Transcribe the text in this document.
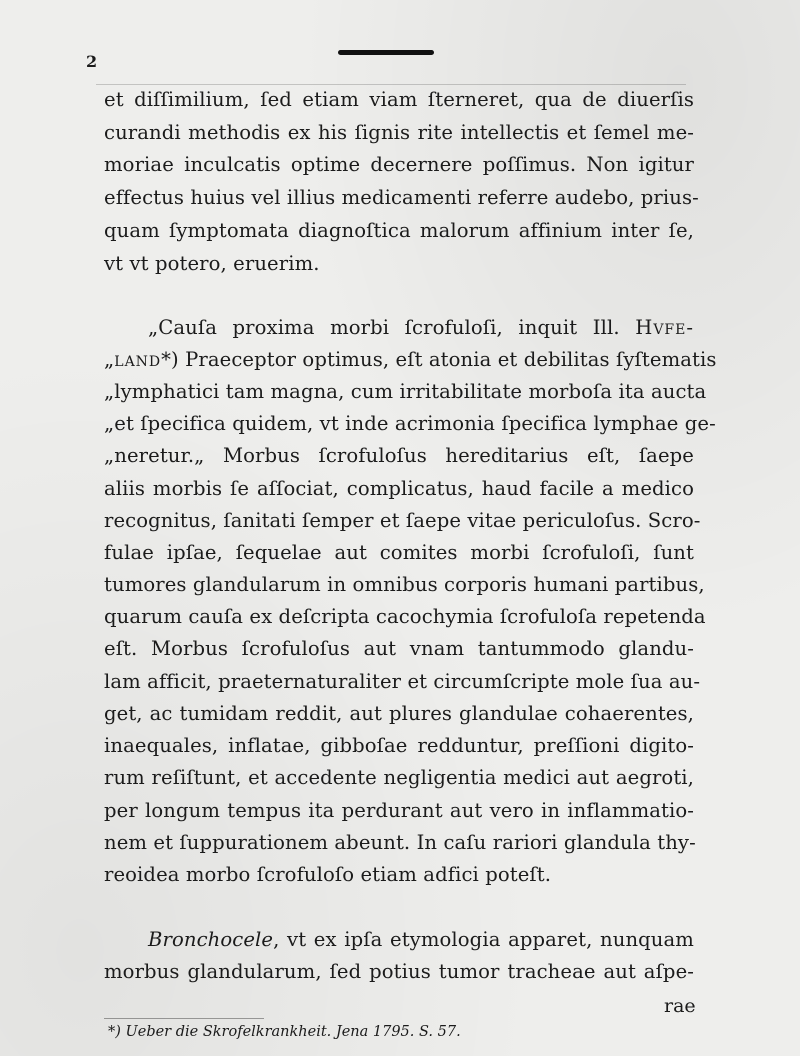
2
et diſſimilium, ſed etiam viam ſterneret, qua de diuerſis
curandi methodis ex his ſignis rite intellectis et ſemel me-
moriae inculcatis optime decernere poſſimus. Non igitur
effectus huius vel illius medicamenti referre audebo, prius-
quam ſymptomata diagnoſtica malorum affinium inter ſe,
vt vt potero, eruerim.
„Cauſa proxima morbi ſcrofuloſi, inquit Ill. Hvfe-
„land*) Praeceptor optimus, eſt atonia et debilitas ſyſtematis
„lymphatici tam magna, cum irritabilitate morboſa ita aucta
„et ſpecifica quidem, vt inde acrimonia ſpecifica lymphae ge-
„neretur.„ Morbus ſcrofuloſus hereditarius eſt, ſaepe
aliis morbis ſe aſſociat, complicatus, haud facile a medico
recognitus, ſanitati ſemper et ſaepe vitae periculoſus. Scro-
fulae ipſae, ſequelae aut comites morbi ſcrofuloſi, ſunt
tumores glandularum in omnibus corporis humani partibus,
quarum cauſa ex deſcripta cacochymia ſcrofuloſa repetenda
eſt. Morbus ſcrofuloſus aut vnam tantummodo glandu-
lam afficit, praeternaturaliter et circumſcripte mole ſua au-
get, ac tumidam reddit, aut plures glandulae cohaerentes,
inaequales, inflatae, gibboſae redduntur, preſſioni digito-
rum reſiſtunt, et accedente negligentia medici aut aegroti,
per longum tempus ita perdurant aut vero in inflammatio-
nem et ſuppurationem abeunt. In caſu rariori glandula thy-
reoidea morbo ſcrofuloſo etiam adfici poteſt.
Bronchocele, vt ex ipſa etymologia apparet, nunquam
morbus glandularum, ſed potius tumor tracheae aut aſpe-
rae
*) Ueber die Skrofelkrankheit. Jena 1795. S. 57.
